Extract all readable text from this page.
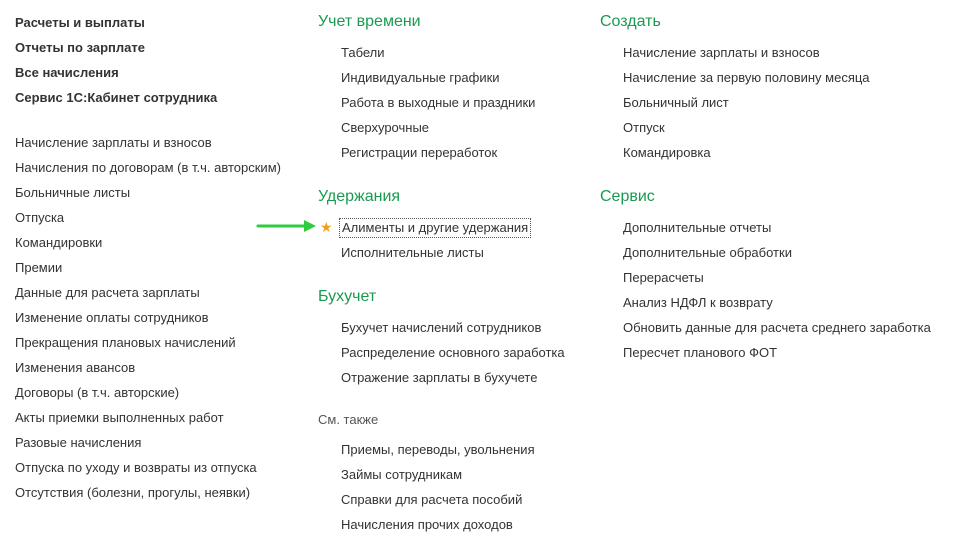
Расчеты и выплаты
Отчеты по зарплате
Все начисления
Сервис 1С:Кабинет сотрудника
Начисление зарплаты и взносов
Начисления по договорам (в т.ч. авторским)
Больничные листы
Отпуска
Командировки
Премии
Данные для расчета зарплаты
Изменение оплаты сотрудников
Прекращения плановых начислений
Изменения авансов
Договоры (в т.ч. авторские)
Акты приемки выполненных работ
Разовые начисления
Отпуска по уходу и возвраты из отпуска
Отсутствия (болезни, прогулы, неявки)
Учет времени
Табели
Индивидуальные графики
Работа в выходные и праздники
Сверхурочные
Регистрации переработок
Удержания
★ Алименты и другие удержания
Исполнительные листы
Бухучет
Бухучет начислений сотрудников
Распределение основного заработка
Отражение зарплаты в бухучете
См. также
Приемы, переводы, увольнения
Займы сотрудникам
Справки для расчета пособий
Начисления прочих доходов
Создать
Начисление зарплаты и взносов
Начисление за первую половину месяца
Больничный лист
Отпуск
Командировка
Сервис
Дополнительные отчеты
Дополнительные обработки
Перерасчеты
Анализ НДФЛ к возврату
Обновить данные для расчета среднего заработка
Пересчет планового ФОТ
